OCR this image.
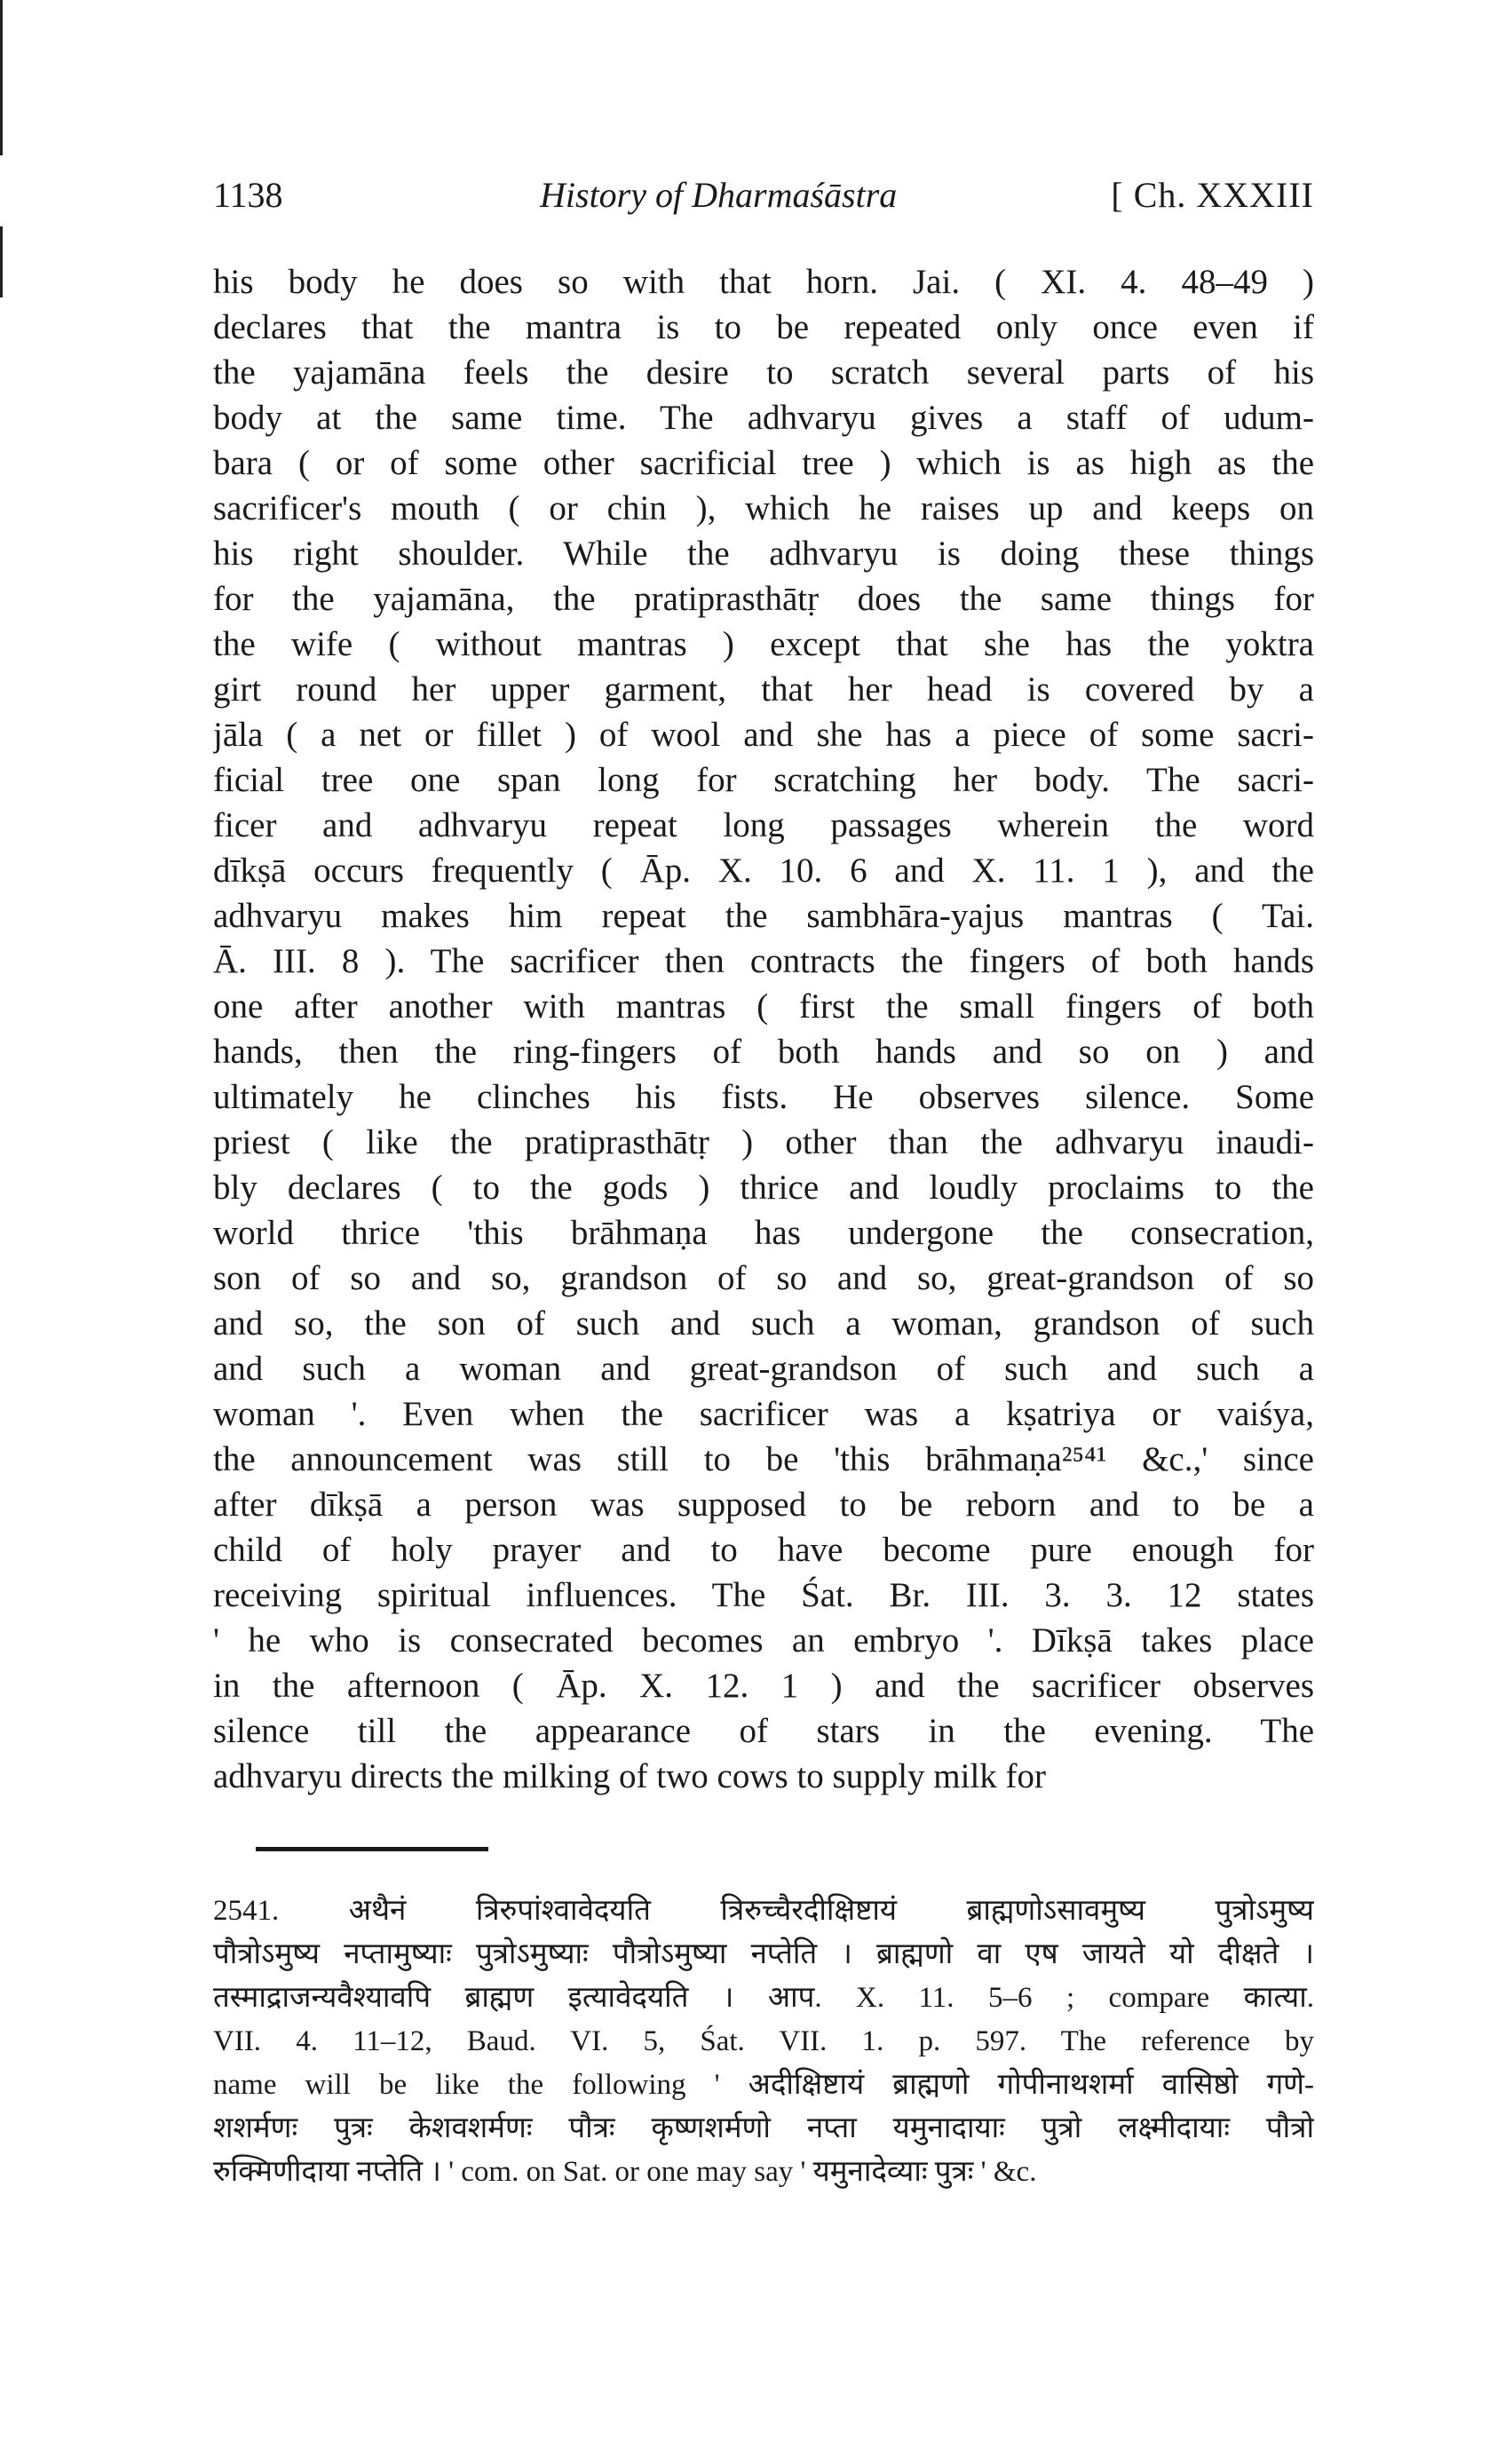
1138	History of Dharmaśāstra	[ Ch. XXXIII
his body he does so with that horn. Jai. ( XI. 4. 48–49 )
declares that the mantra is to be repeated only once even if
the yajamāna feels the desire to scratch several parts of his
body at the same time. The adhvaryu gives a staff of udum-
bara ( or of some other sacrificial tree ) which is as high as the
sacrificer's mouth ( or chin ), which he raises up and keeps on
his right shoulder. While the adhvaryu is doing these things
for the yajamāna, the pratiprasthātṛ does the same things for
the wife ( without mantras ) except that she has the yoktra
girt round her upper garment, that her head is covered by a
jāla ( a net or fillet ) of wool and she has a piece of some sacri-
ficial tree one span long for scratching her body. The sacri-
ficer and adhvaryu repeat long passages wherein the word
dīkṣā occurs frequently ( Āp. X. 10. 6 and X. 11. 1 ), and the
adhvaryu makes him repeat the sambhāra-yajus mantras ( Tai.
Ā. III. 8 ). The sacrificer then contracts the fingers of both hands
one after another with mantras ( first the small fingers of both
hands, then the ring-fingers of both hands and so on ) and
ultimately he clinches his fists. He observes silence. Some
priest ( like the pratiprasthātṛ ) other than the adhvaryu inaudi-
bly declares ( to the gods ) thrice and loudly proclaims to the
world thrice 'this brāhmaṇa has undergone the consecration,
son of so and so, grandson of so and so, great-grandson of so
and so, the son of such and such a woman, grandson of such
and such a woman and great-grandson of such and such a
woman '. Even when the sacrificer was a kṣatriya or vaiśya,
the announcement was still to be 'this brāhmaṇa²⁵⁴¹ &c.,' since
after dīkṣā a person was supposed to be reborn and to be a
child of holy prayer and to have become pure enough for
receiving spiritual influences. The Śat. Br. III. 3. 3. 12 states
' he who is consecrated becomes an embryo '. Dīkṣā takes place
in the afternoon ( Āp. X. 12. 1 ) and the sacrificer observes
silence till the appearance of stars in the evening. The
adhvaryu directs the milking of two cows to supply milk for
2541. अथैनं त्रिरुपांश्वावेदयति त्रिरुच्चैरदीक्षिष्टायं ब्राह्मणोऽसावमुष्य पुत्रोऽमुष्य
पौत्रोऽमुष्य नप्तामुष्याः पुत्रोऽमुष्याः पौत्रोऽमुष्या नप्तेति । ब्राह्मणो वा एष जायते यो दीक्षते ।
तस्माद्राजन्यवैश्यावपि ब्राह्मण इत्यावेदयति । आप. X. 11. 5–6 ; compare कात्या.
VII. 4. 11–12, Baud. VI. 5, Śat. VII. 1. p. 597. The reference by
name will be like the following ' अदीक्षिष्टायं ब्राह्मणो गोपीनाथशर्मा वासिष्ठो गणे-
शशर्मणः पुत्रः केशवशर्मणः पौत्रः कृष्णशर्मणो नप्ता यमुनादायाः पुत्रो लक्ष्मीदायाः पौत्रो
रुक्मिणीदाया नप्तेति । ' com. on Sat. or one may say ' यमुनादेव्याः पुत्रः ' &c.
